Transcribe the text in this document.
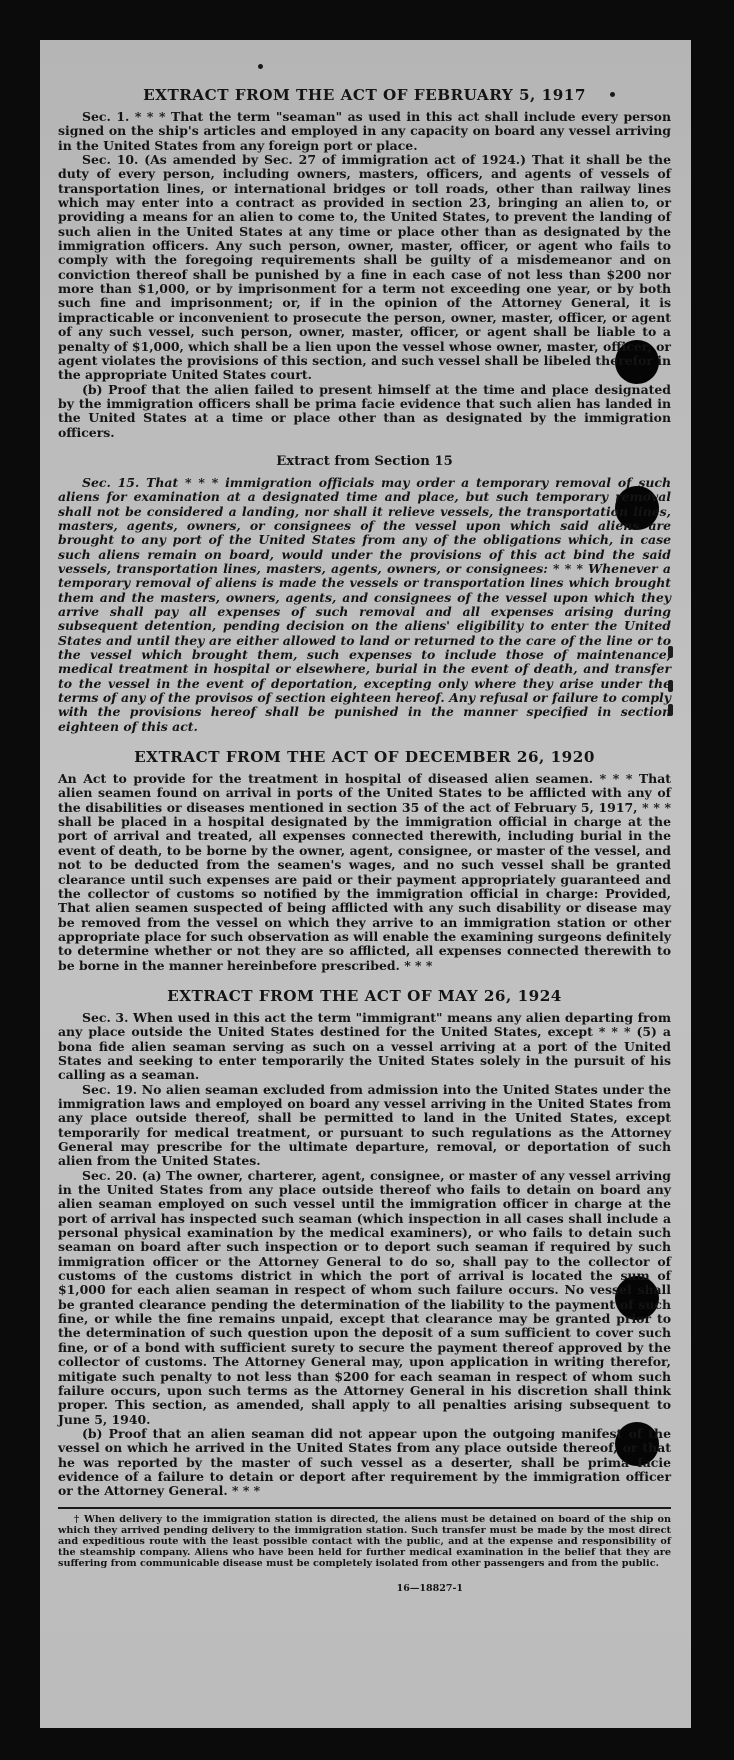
EXTRACT FROM THE ACT OF FEBRUARY 5, 1917

Sec. 1. * * * That the term "seaman" as used in this act shall include every person signed on the ship's articles and employed in any capacity on board any vessel arriving in the United States from any foreign port or place.

Sec. 10. (As amended by Sec. 27 of immigration act of 1924.) That it shall be the duty of every person, including owners, masters, officers, and agents of vessels of transportation lines, or international bridges or toll roads, other than railway lines which may enter into a contract as provided in section 23, bringing an alien to, or providing a means for an alien to come to, the United States, to prevent the landing of such alien in the United States at any time or place other than as designated by the immigration officers. Any such person, owner, master, officer, or agent who fails to comply with the foregoing requirements shall be guilty of a misdemeanor and on conviction thereof shall be punished by a fine in each case of not less than $200 nor more than $1,000, or by imprisonment for a term not exceeding one year, or by both such fine and imprisonment; or, if in the opinion of the Attorney General, it is impracticable or inconvenient to prosecute the person, owner, master, officer, or agent of any such vessel, such person, owner, master, officer, or agent shall be liable to a penalty of $1,000, which shall be a lien upon the vessel whose owner, master, officer, or agent violates the provisions of this section, and such vessel shall be libeled therefor in the appropriate United States court.

(b) Proof that the alien failed to present himself at the time and place designated by the immigration officers shall be prima facie evidence that such alien has landed in the United States at a time or place other than as designated by the immigration officers.

Extract from Section 15

Sec. 15. That * * * immigration officials may order a temporary removal of such aliens for examination at a designated time and place, but such temporary removal shall not be considered a landing, nor shall it relieve vessels, the transportation lines, masters, agents, owners, or consignees of the vessel upon which said aliens are brought to any port of the United States from any of the obligations which, in case such aliens remain on board, would under the provisions of this act bind the said vessels, transportation lines, masters, agents, owners, or consignees: * * * Whenever a temporary removal of aliens is made the vessels or transportation lines which brought them and the masters, owners, agents, and consignees of the vessel upon which they arrive shall pay all expenses of such removal and all expenses arising during subsequent detention, pending decision on the aliens' eligibility to enter the United States and until they are either allowed to land or returned to the care of the line or to the vessel which brought them, such expenses to include those of maintenance, medical treatment in hospital or elsewhere, burial in the event of death, and transfer to the vessel in the event of deportation, excepting only where they arise under the terms of any of the provisos of section eighteen hereof. Any refusal or failure to comply with the provisions hereof shall be punished in the manner specified in section eighteen of this act.

EXTRACT FROM THE ACT OF DECEMBER 26, 1920

An Act to provide for the treatment in hospital of diseased alien seamen. * * * That alien seamen found on arrival in ports of the United States to be afflicted with any of the disabilities or diseases mentioned in section 35 of the act of February 5, 1917, * * * shall be placed in a hospital designated by the immigration official in charge at the port of arrival and treated, all expenses connected therewith, including burial in the event of death, to be borne by the owner, agent, consignee, or master of the vessel, and not to be deducted from the seamen's wages, and no such vessel shall be granted clearance until such expenses are paid or their payment appropriately guaranteed and the collector of customs so notified by the immigration official in charge: Provided, That alien seamen suspected of being afflicted with any such disability or disease may be removed from the vessel on which they arrive to an immigration station or other appropriate place for such observation as will enable the examining surgeons definitely to determine whether or not they are so afflicted, all expenses connected therewith to be borne in the manner hereinbefore prescribed. * * *

EXTRACT FROM THE ACT OF MAY 26, 1924

Sec. 3. When used in this act the term "immigrant" means any alien departing from any place outside the United States destined for the United States, except * * * (5) a bona fide alien seaman serving as such on a vessel arriving at a port of the United States and seeking to enter temporarily the United States solely in the pursuit of his calling as a seaman.

Sec. 19. No alien seaman excluded from admission into the United States under the immigration laws and employed on board any vessel arriving in the United States from any place outside thereof, shall be permitted to land in the United States, except temporarily for medical treatment, or pursuant to such regulations as the Attorney General may prescribe for the ultimate departure, removal, or deportation of such alien from the United States.

Sec. 20. (a) The owner, charterer, agent, consignee, or master of any vessel arriving in the United States from any place outside thereof who fails to detain on board any alien seaman employed on such vessel until the immigration officer in charge at the port of arrival has inspected such seaman (which inspection in all cases shall include a personal physical examination by the medical examiners), or who fails to detain such seaman on board after such inspection or to deport such seaman if required by such immigration officer or the Attorney General to do so, shall pay to the collector of customs of the customs district in which the port of arrival is located the sum of $1,000 for each alien seaman in respect of whom such failure occurs. No vessel shall be granted clearance pending the determination of the liability to the payment of such fine, or while the fine remains unpaid, except that clearance may be granted prior to the determination of such question upon the deposit of a sum sufficient to cover such fine, or of a bond with sufficient surety to secure the payment thereof approved by the collector of customs. The Attorney General may, upon application in writing therefor, mitigate such penalty to not less than $200 for each seaman in respect of whom such failure occurs, upon such terms as the Attorney General in his discretion shall think proper. This section, as amended, shall apply to all penalties arising subsequent to June 5, 1940.

(b) Proof that an alien seaman did not appear upon the outgoing manifest of the vessel on which he arrived in the United States from any place outside thereof, or that he was reported by the master of such vessel as a deserter, shall be prima facie evidence of a failure to detain or deport after requirement by the immigration officer or the Attorney General. * * *

† When delivery to the immigration station is directed, the aliens must be detained on board of the ship on which they arrived pending delivery to the immigration station. Such transfer must be made by the most direct and expeditious route with the least possible contact with the public, and at the expense and responsibility of the steamship company. Aliens who have been held for further medical examination in the belief that they are suffering from communicable disease must be completely isolated from other passengers and from the public.

16—18827-1
